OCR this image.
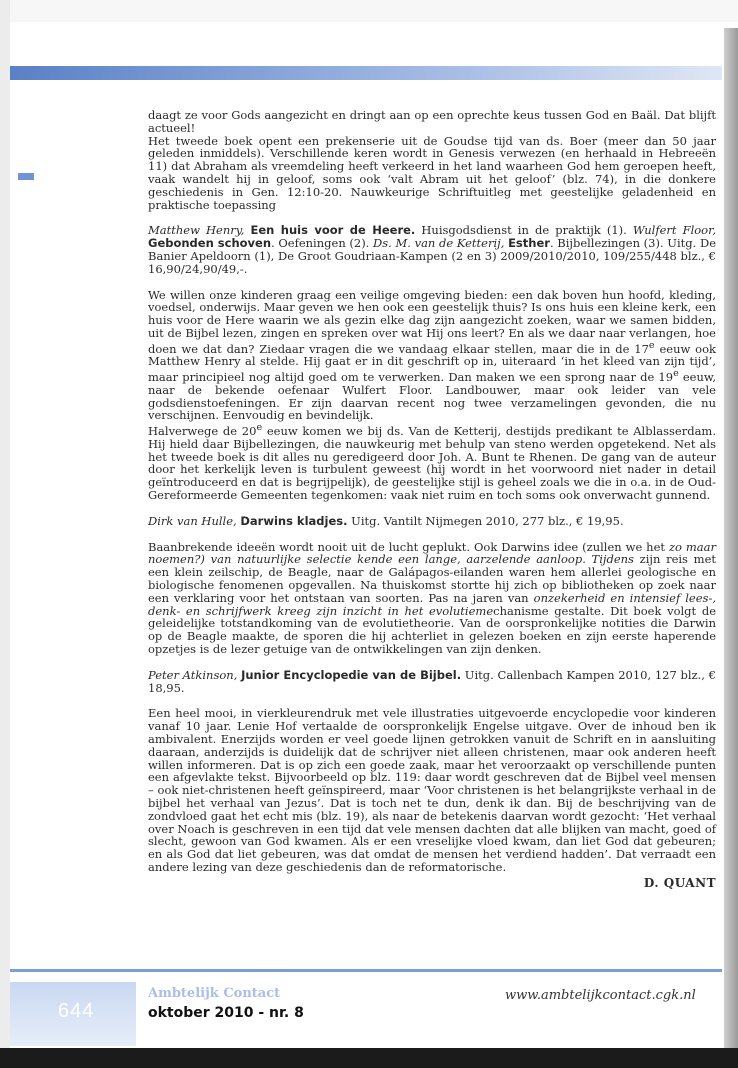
daagt ze voor Gods aangezicht en dringt aan op een oprechte keus tussen God en Baäl. Dat blijft actueel!

Het tweede boek opent een prekenserie uit de Goudse tijd van ds. Boer (meer dan 50 jaar geleden inmiddels). Verschillende keren wordt in Genesis verwezen (en herhaald in Hebreeën 11) dat Abraham als vreemdeling heeft verkeerd in het land waarheen God hem geroepen heeft, vaak wandelt hij in geloof, soms ook ‘valt Abram uit het geloof’ (blz. 74), in die donkere geschiedenis in Gen. 12:10-20. Nauwkeurige Schriftuitleg met geestelijke geladenheid en praktische toepassing

Matthew Henry, Een huis voor de Heere. Huisgodsdienst in de praktijk (1). Wulfert Floor, Gebonden schoven. Oefeningen (2). Ds. M. van de Ketterij, Esther. Bijbellezingen (3). Uitg. De Banier Apeldoorn (1), De Groot Goudriaan-Kampen (2 en 3) 2009/2010/2010, 109/255/448 blz., € 16,90/24,90/49,-.

We willen onze kinderen graag een veilige omgeving bieden: een dak boven hun hoofd, kleding, voedsel, onderwijs. Maar geven we hen ook een geestelijk thuis? Is ons huis een kleine kerk, een huis voor de Here waarin we als gezin elke dag zijn aangezicht zoeken, waar we samen bidden, uit de Bijbel lezen, zingen en spreken over wat Hij ons leert? En als we daar naar verlangen, hoe doen we dat dan? Ziedaar vragen die we vandaag elkaar stellen, maar die in de 17e eeuw ook Matthew Henry al stelde. Hij gaat er in dit geschrift op in, uiteraard ‘in het kleed van zijn tijd’, maar principieel nog altijd goed om te verwerken. Dan maken we een sprong naar de 19e eeuw, naar de bekende oefenaar Wulfert Floor. Landbouwer, maar ook leider van vele godsdienstoefeningen. Er zijn daarvan recent nog twee verzamelingen gevonden, die nu verschijnen. Eenvoudig en bevindelijk.

Halverwege de 20e eeuw komen we bij ds. Van de Ketterij, destijds predikant te Alblasserdam. Hij hield daar Bijbellezingen, die nauwkeurig met behulp van steno werden opgetekend. Net als het tweede boek is dit alles nu geredigeerd door Joh. A. Bunt te Rhenen. De gang van de auteur door het kerkelijk leven is turbulent geweest (hij wordt in het voorwoord niet nader in detail geïntroduceerd en dat is begrijpelijk), de geestelijke stijl is geheel zoals we die in o.a. in de Oud-Gereformeerde Gemeenten tegenkomen: vaak niet ruim en toch soms ook onverwacht gunnend.

Dirk van Hulle, Darwins kladjes. Uitg. Vantilt Nijmegen 2010, 277 blz., € 19,95.

Baanbrekende ideeën wordt nooit uit de lucht geplukt. Ook Darwins idee (zullen we het zo maar noemen?) van natuurlijke selectie kende een lange, aarzelende aanloop. Tijdens zijn reis met een klein zeilschip, de Beagle, naar de Galápagos-eilanden waren hem allerlei geologische en biologische fenomenen opgevallen. Na thuiskomst stortte hij zich op bibliotheken op zoek naar een verklaring voor het ontstaan van soorten. Pas na jaren van onzekerheid en intensief lees-, denk- en schrijfwerk kreeg zijn inzicht in het evolutiemechanisme gestalte. Dit boek volgt de geleidelijke totstandkoming van de evolutietheorie. Van de oorspronkelijke notities die Darwin op de Beagle maakte, de sporen die hij achterliet in gelezen boeken en zijn eerste haperende opzetjes is de lezer getuige van de ontwikkelingen van zijn denken.

Peter Atkinson, Junior Encyclopedie van de Bijbel. Uitg. Callenbach Kampen 2010, 127 blz., € 18,95.

Een heel mooi, in vierkleurendruk met vele illustraties uitgevoerde encyclopedie voor kinderen vanaf 10 jaar. Lenie Hof vertaalde de oorspronkelijk Engelse uitgave. Over de inhoud ben ik ambivalent. Enerzijds worden er veel goede lijnen getrokken vanuit de Schrift en in aansluiting daaraan, anderzijds is duidelijk dat de schrijver niet alleen christenen, maar ook anderen heeft willen informeren. Dat is op zich een goede zaak, maar het veroorzaakt op verschillende punten een afgevlakte tekst. Bijvoorbeeld op blz. 119: daar wordt geschreven dat de Bijbel veel mensen – ook niet-christenen heeft geïnspireerd, maar ‘Voor christenen is het belangrijkste verhaal in de bijbel het verhaal van Jezus’. Dat is toch net te dun, denk ik dan. Bij de beschrijving van de zondvloed gaat het echt mis (blz. 19), als naar de betekenis daarvan wordt gezocht: ‘Het verhaal over Noach is geschreven in een tijd dat vele mensen dachten dat alle blijken van macht, goed of slecht, gewoon van God kwamen. Als er een vreselijke vloed kwam, dan liet God dat gebeuren; en als God dat liet gebeuren, was dat omdat de mensen het verdiend hadden’. Dat verraadt een andere lezing van deze geschiedenis dan de reformatorische.

D. QUANT
644
Ambtelijk Contact
oktober 2010 - nr. 8
www.ambtelijkcontact.cgk.nl
